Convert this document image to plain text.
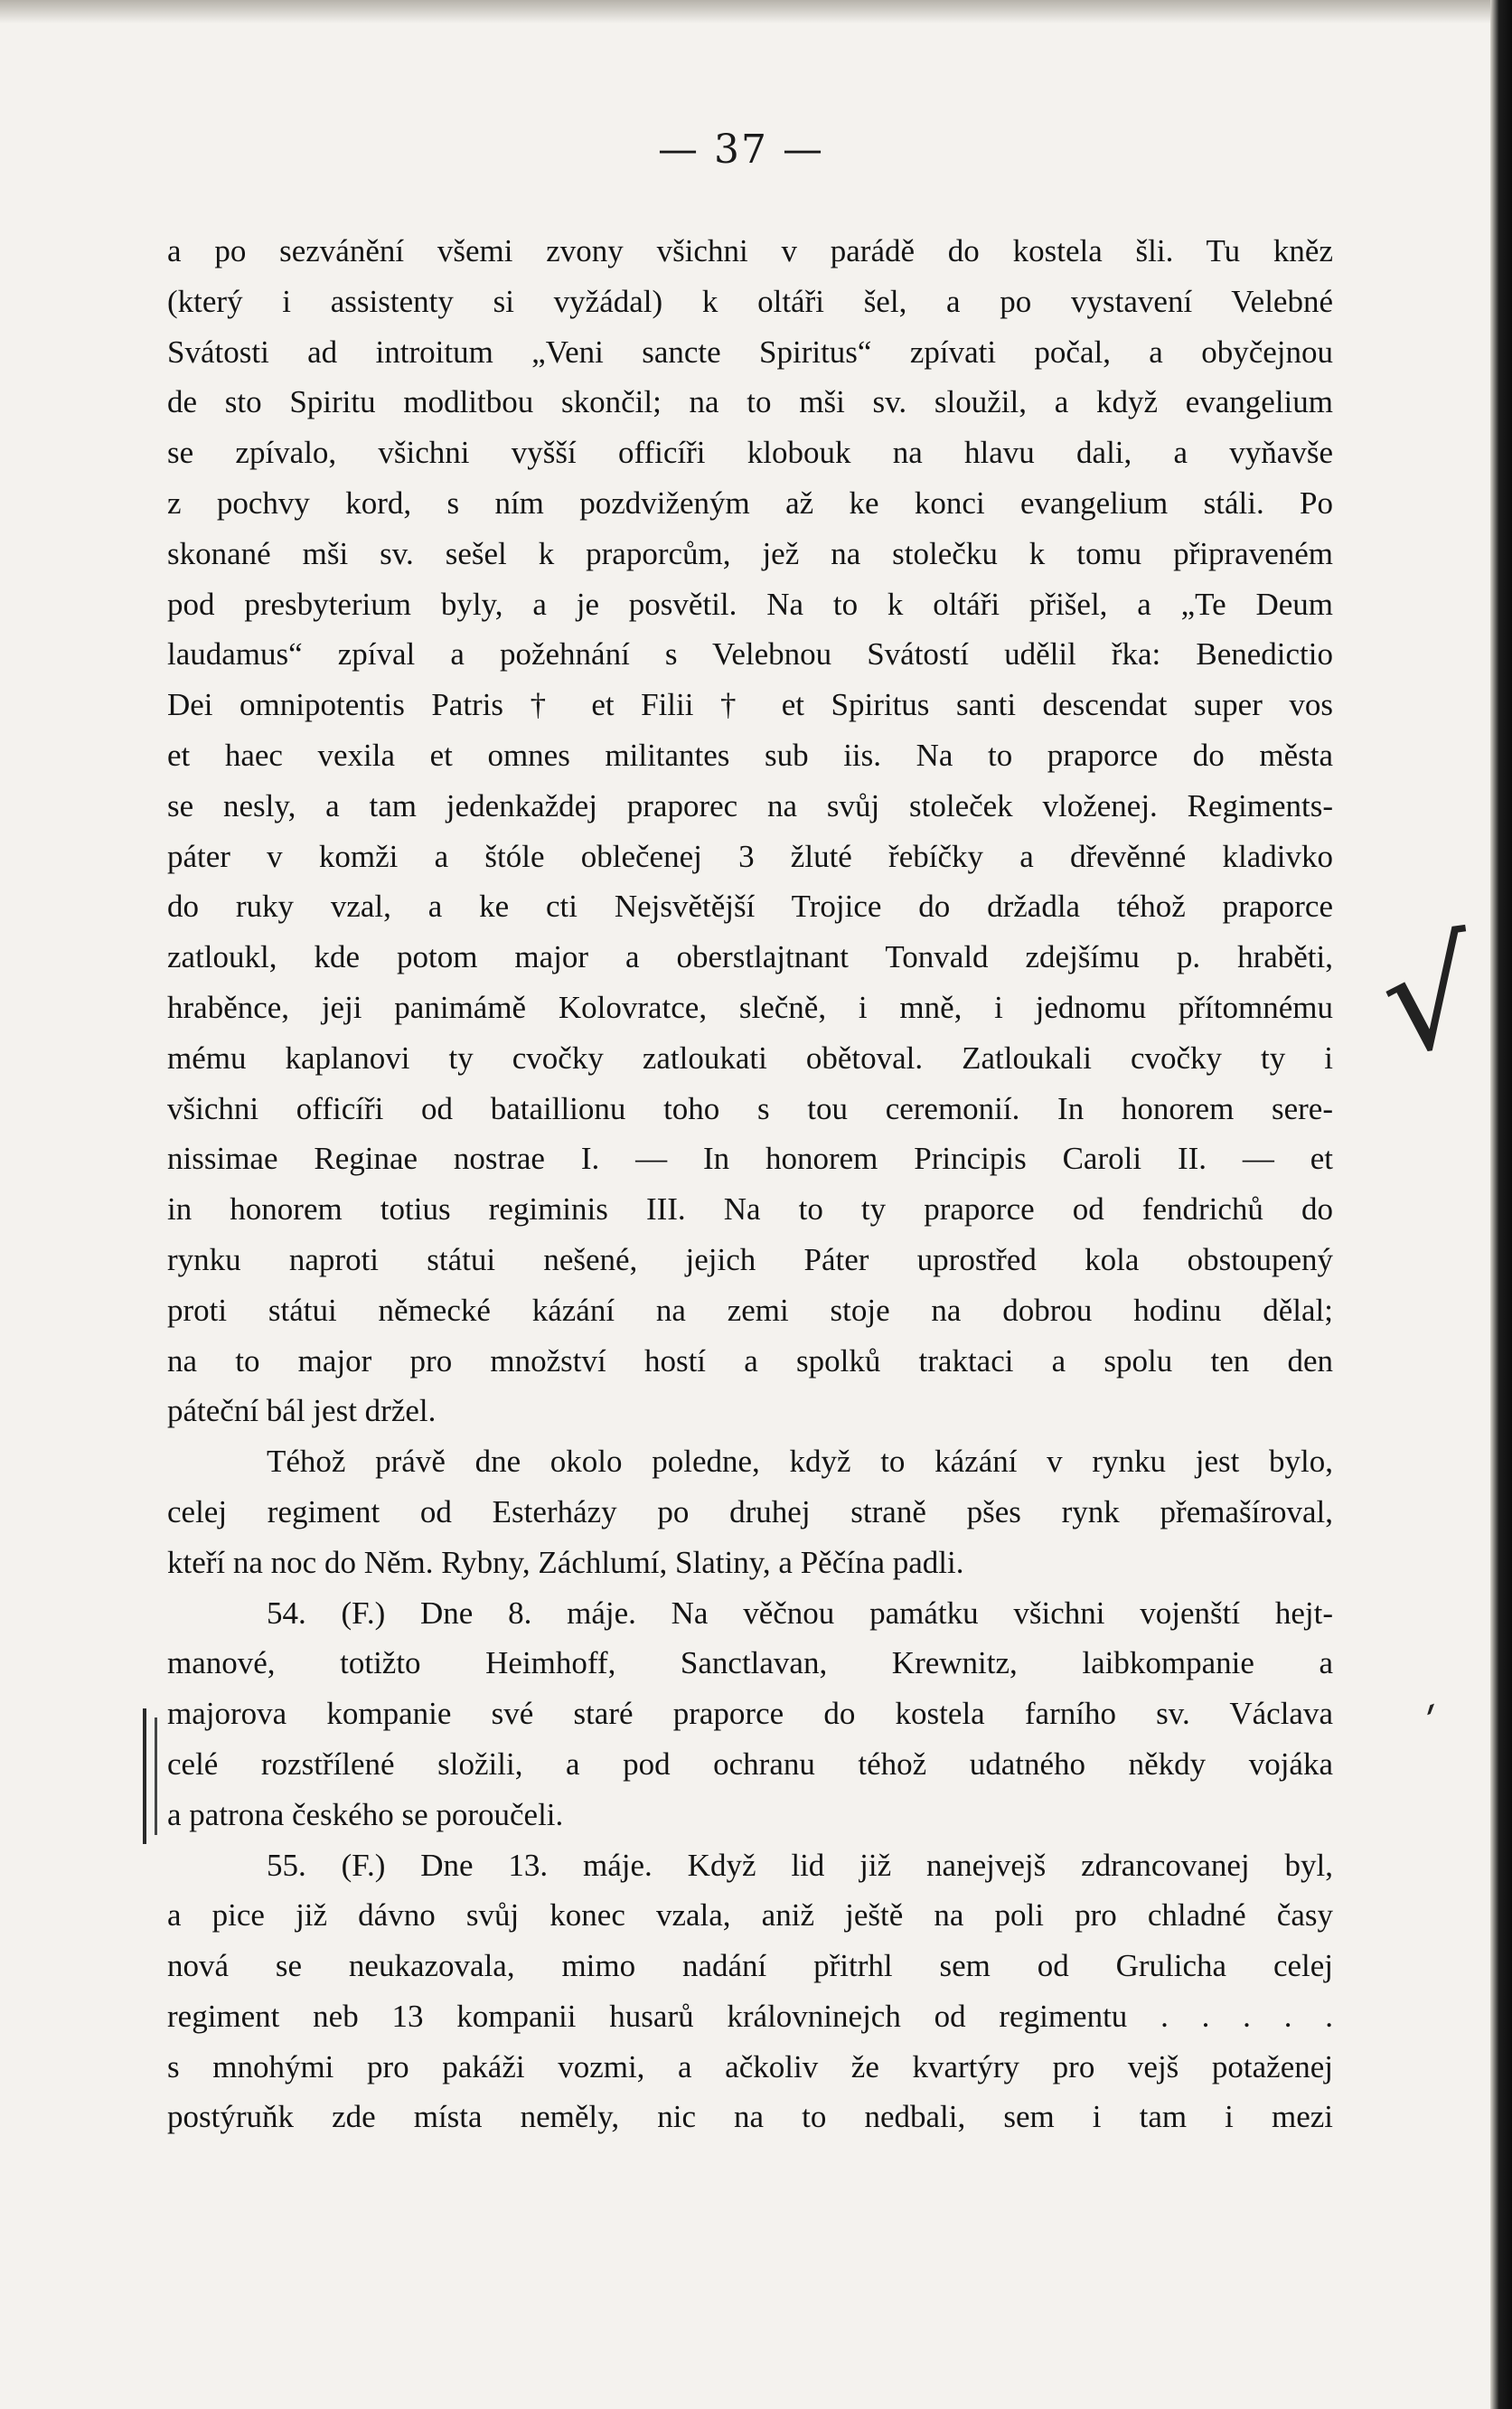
— 37 —
a po sezvánění všemi zvony všichni v parádě do kostela šli. Tu kněz
(který i assistenty si vyžádal) k oltáři šel, a po vystavení Velebné
Svátosti ad introitum „Veni sancte Spiritus“ zpívati počal, a obyčejnou
de sto Spiritu modlitbou skončil; na to mši sv. sloužil, a když evangelium
se zpívalo, všichni vyšší officíři klobouk na hlavu dali, a vyňavše
z pochvy kord, s ním pozdviženým až ke konci evangelium stáli. Po
skonané mši sv. sešel k praporcům, jež na stolečku k tomu připraveném
pod presbyterium byly, a je posvětil. Na to k oltáři přišel, a „Te Deum
laudamus“ zpíval a požehnání s Velebnou Svátostí udělil řka: Benedictio
Dei omnipotentis Patris † et Filii † et Spiritus santi descendat super vos
et haec vexila et omnes militantes sub iis. Na to praporce do města
se nesly, a tam jedenkaždej praporec na svůj stoleček vloženej. Regiments-
páter v komži a štóle oblečenej 3 žluté řebíčky a dřevěnné kladivko
do ruky vzal, a ke cti Nejsvětější Trojice do držadla téhož praporce
zatloukl, kde potom major a oberstlajtnant Tonvald zdejšímu p. hraběti,
hraběnce, jeji panimámě Kolovratce, slečně, i mně, i jednomu přítomnému
mému kaplanovi ty cvočky zatloukati obětoval. Zatloukali cvočky ty i
všichni officíři od bataillionu toho s tou ceremonií. In honorem sere-
nissimae Reginae nostrae I. — In honorem Principis Caroli II. — et
in honorem totius regiminis III. Na to ty praporce od fendrichů do
rynku naproti státui nešené, jejich Páter uprostřed kola obstoupený
proti státui německé kázání na zemi stoje na dobrou hodinu dělal;
na to major pro množství hostí a spolků traktaci a spolu ten den
páteční bál jest držel.
Téhož právě dne okolo poledne, když to kázání v rynku jest bylo,
celej regiment od Esterházy po druhej straně pšes rynk přemašíroval,
kteří na noc do Něm. Rybny, Záchlumí, Slatiny, a Pěčína padli.
54. (F.) Dne 8. máje. Na věčnou památku všichni vojenští hejt-
manové, totižto Heimhoff, Sanctlavan, Krewnitz, laibkompanie a
majorova kompanie své staré praporce do kostela farního sv. Václava
celé rozstřílené složili, a pod ochranu téhož udatného někdy vojáka
a patrona českého se poroučeli.
55. (F.) Dne 13. máje. Když lid již nanejvejš zdrancovanej byl,
a pice již dávno svůj konec vzala, aniž ještě na poli pro chladné časy
nová se neukazovala, mimo nadání přitrhl sem od Grulicha celej
regiment neb 13 kompanii husarů královninejch od regimentu . . . . .
s mnohými pro pakáži vozmi, a ačkoliv že kvartýry pro vejš potaženej
postýruňk zde místa neměly, nic na to nedbali, sem i tam i mezi
√
ˏ
